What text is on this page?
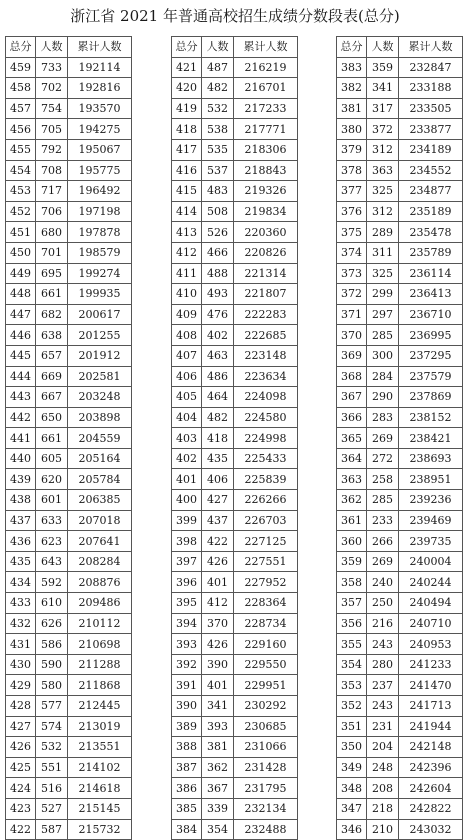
浙江省 2021 年普通高校招生成绩分数段表(总分)
总分	人数	累计人数
459	733	192114
458	702	192816
457	754	193570
456	705	194275
455	792	195067
454	708	195775
453	717	196492
452	706	197198
451	680	197878
450	701	198579
449	695	199274
448	661	199935
447	682	200617
446	638	201255
445	657	201912
444	669	202581
443	667	203248
442	650	203898
441	661	204559
440	605	205164
439	620	205784
438	601	206385
437	633	207018
436	623	207641
435	643	208284
434	592	208876
433	610	209486
432	626	210112
431	586	210698
430	590	211288
429	580	211868
428	577	212445
427	574	213019
426	532	213551
425	551	214102
424	516	214618
423	527	215145
422	587	215732
总分	人数	累计人数
421	487	216219
420	482	216701
419	532	217233
418	538	217771
417	535	218306
416	537	218843
415	483	219326
414	508	219834
413	526	220360
412	466	220826
411	488	221314
410	493	221807
409	476	222283
408	402	222685
407	463	223148
406	486	223634
405	464	224098
404	482	224580
403	418	224998
402	435	225433
401	406	225839
400	427	226266
399	437	226703
398	422	227125
397	426	227551
396	401	227952
395	412	228364
394	370	228734
393	426	229160
392	390	229550
391	401	229951
390	341	230292
389	393	230685
388	381	231066
387	362	231428
386	367	231795
385	339	232134
384	354	232488
总分	人数	累计人数
383	359	232847
382	341	233188
381	317	233505
380	372	233877
379	312	234189
378	363	234552
377	325	234877
376	312	235189
375	289	235478
374	311	235789
373	325	236114
372	299	236413
371	297	236710
370	285	236995
369	300	237295
368	284	237579
367	290	237869
366	283	238152
365	269	238421
364	272	238693
363	258	238951
362	285	239236
361	233	239469
360	266	239735
359	269	240004
358	240	240244
357	250	240494
356	216	240710
355	243	240953
354	280	241233
353	237	241470
352	243	241713
351	231	241944
350	204	242148
349	248	242396
348	208	242604
347	218	242822
346	210	243032
